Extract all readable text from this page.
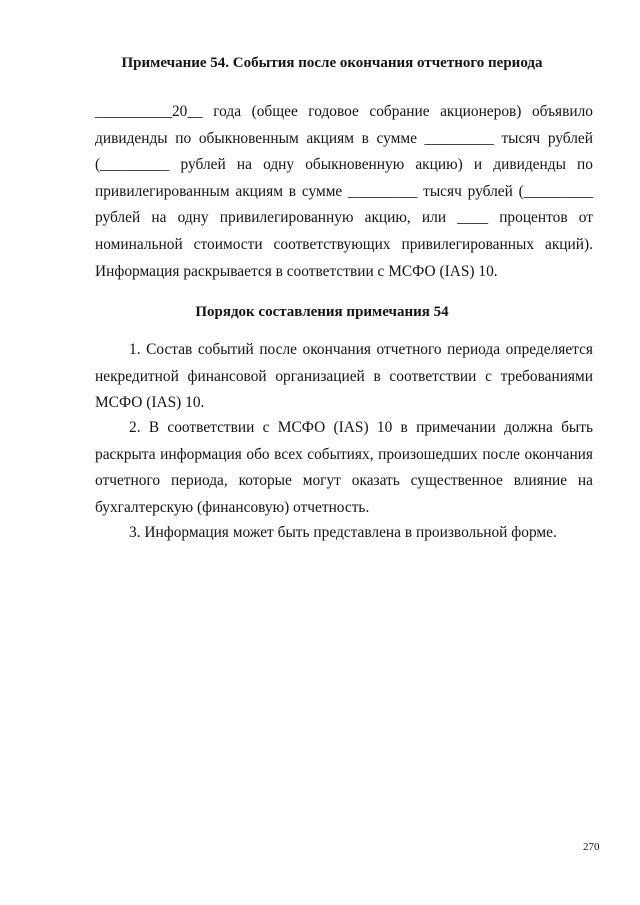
Примечание 54. События после окончания отчетного периода
__________20__ года (общее годовое собрание акционеров) объявило
дивиденды по обыкновенным акциям в сумме _________ тысяч рублей
(_________ рублей на одну обыкновенную акцию) и дивиденды по
привилегированным акциям в сумме _________ тысяч рублей (_________
рублей на одну привилегированную акцию, или ____ процентов от
номинальной стоимости соответствующих привилегированных акций).
Информация раскрывается в соответствии с МСФО (IAS) 10.
Порядок составления примечания 54
1. Состав событий после окончания отчетного периода определяется
некредитной финансовой организацией в соответствии с требованиями
МСФО (IAS) 10.
2. В соответствии с МСФО (IAS) 10 в примечании должна быть
раскрыта информация обо всех событиях, произошедших после окончания
отчетного периода, которые могут оказать существенное влияние на
бухгалтерскую (финансовую) отчетность.
3. Информация может быть представлена в произвольной форме.
270
